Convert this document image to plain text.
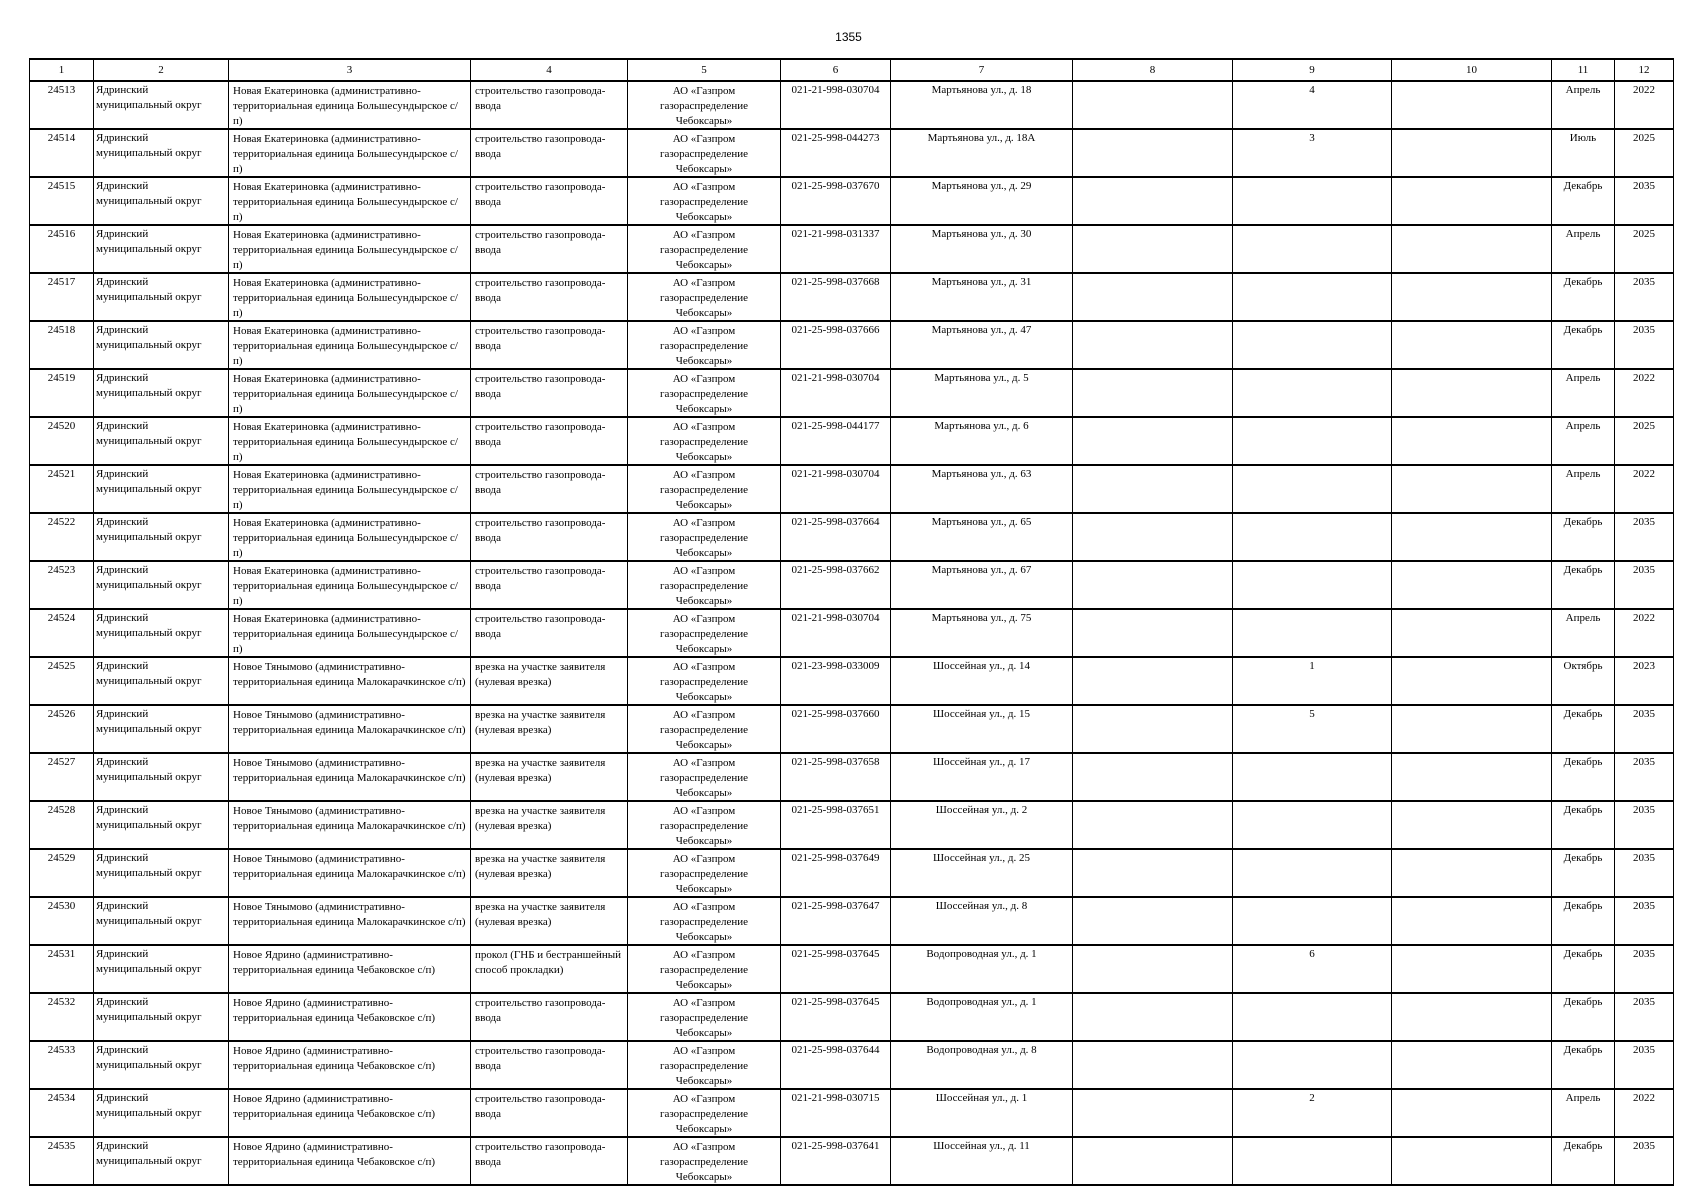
1355
1	2	3	4	5	6	7	8	9	10	11	12
24513	Ядринский муниципальный округ	Новая Екатериновка (административно-территориальная единица Большесундырское с/п)	строительство газопровода-ввода	АО «Газпром газораспределение Чебоксары»	021-21-998-030704	Мартьянова ул., д. 18		4		Апрель	2022
24514	Ядринский муниципальный округ	Новая Екатериновка (административно-территориальная единица Большесундырское с/п)	строительство газопровода-ввода	АО «Газпром газораспределение Чебоксары»	021-25-998-044273	Мартьянова ул., д. 18А		3		Июль	2025
24515	Ядринский муниципальный округ	Новая Екатериновка (административно-территориальная единица Большесундырское с/п)	строительство газопровода-ввода	АО «Газпром газораспределение Чебоксары»	021-25-998-037670	Мартьянова ул., д. 29				Декабрь	2035
24516	Ядринский муниципальный округ	Новая Екатериновка (административно-территориальная единица Большесундырское с/п)	строительство газопровода-ввода	АО «Газпром газораспределение Чебоксары»	021-21-998-031337	Мартьянова ул., д. 30				Апрель	2025
24517	Ядринский муниципальный округ	Новая Екатериновка (административно-территориальная единица Большесундырское с/п)	строительство газопровода-ввода	АО «Газпром газораспределение Чебоксары»	021-25-998-037668	Мартьянова ул., д. 31				Декабрь	2035
24518	Ядринский муниципальный округ	Новая Екатериновка (административно-территориальная единица Большесундырское с/п)	строительство газопровода-ввода	АО «Газпром газораспределение Чебоксары»	021-25-998-037666	Мартьянова ул., д. 47				Декабрь	2035
24519	Ядринский муниципальный округ	Новая Екатериновка (административно-территориальная единица Большесундырское с/п)	строительство газопровода-ввода	АО «Газпром газораспределение Чебоксары»	021-21-998-030704	Мартьянова ул., д. 5				Апрель	2022
24520	Ядринский муниципальный округ	Новая Екатериновка (административно-территориальная единица Большесундырское с/п)	строительство газопровода-ввода	АО «Газпром газораспределение Чебоксары»	021-25-998-044177	Мартьянова ул., д. 6				Апрель	2025
24521	Ядринский муниципальный округ	Новая Екатериновка (административно-территориальная единица Большесундырское с/п)	строительство газопровода-ввода	АО «Газпром газораспределение Чебоксары»	021-21-998-030704	Мартьянова ул., д. 63				Апрель	2022
24522	Ядринский муниципальный округ	Новая Екатериновка (административно-территориальная единица Большесундырское с/п)	строительство газопровода-ввода	АО «Газпром газораспределение Чебоксары»	021-25-998-037664	Мартьянова ул., д. 65				Декабрь	2035
24523	Ядринский муниципальный округ	Новая Екатериновка (административно-территориальная единица Большесундырское с/п)	строительство газопровода-ввода	АО «Газпром газораспределение Чебоксары»	021-25-998-037662	Мартьянова ул., д. 67				Декабрь	2035
24524	Ядринский муниципальный округ	Новая Екатериновка (административно-территориальная единица Большесундырское с/п)	строительство газопровода-ввода	АО «Газпром газораспределение Чебоксары»	021-21-998-030704	Мартьянова ул., д. 75				Апрель	2022
24525	Ядринский муниципальный округ	Новое Тянымово (административно-территориальная единица Малокарачкинское с/п)	врезка на участке заявителя (нулевая врезка)	АО «Газпром газораспределение Чебоксары»	021-23-998-033009	Шоссейная ул., д. 14		1		Октябрь	2023
24526	Ядринский муниципальный округ	Новое Тянымово (административно-территориальная единица Малокарачкинское с/п)	врезка на участке заявителя (нулевая врезка)	АО «Газпром газораспределение Чебоксары»	021-25-998-037660	Шоссейная ул., д. 15		5		Декабрь	2035
24527	Ядринский муниципальный округ	Новое Тянымово (административно-территориальная единица Малокарачкинское с/п)	врезка на участке заявителя (нулевая врезка)	АО «Газпром газораспределение Чебоксары»	021-25-998-037658	Шоссейная ул., д. 17				Декабрь	2035
24528	Ядринский муниципальный округ	Новое Тянымово (административно-территориальная единица Малокарачкинское с/п)	врезка на участке заявителя (нулевая врезка)	АО «Газпром газораспределение Чебоксары»	021-25-998-037651	Шоссейная ул., д. 2				Декабрь	2035
24529	Ядринский муниципальный округ	Новое Тянымово (административно-территориальная единица Малокарачкинское с/п)	врезка на участке заявителя (нулевая врезка)	АО «Газпром газораспределение Чебоксары»	021-25-998-037649	Шоссейная ул., д. 25				Декабрь	2035
24530	Ядринский муниципальный округ	Новое Тянымово (административно-территориальная единица Малокарачкинское с/п)	врезка на участке заявителя (нулевая врезка)	АО «Газпром газораспределение Чебоксары»	021-25-998-037647	Шоссейная ул., д. 8				Декабрь	2035
24531	Ядринский муниципальный округ	Новое Ядрино (административно-территориальная единица Чебаковское с/п)	прокол (ГНБ и бестраншейный способ прокладки)	АО «Газпром газораспределение Чебоксары»	021-25-998-037645	Водопроводная ул., д. 1		6		Декабрь	2035
24532	Ядринский муниципальный округ	Новое Ядрино (административно-территориальная единица Чебаковское с/п)	строительство газопровода-ввода	АО «Газпром газораспределение Чебоксары»	021-25-998-037645	Водопроводная ул., д. 1				Декабрь	2035
24533	Ядринский муниципальный округ	Новое Ядрино (административно-территориальная единица Чебаковское с/п)	строительство газопровода-ввода	АО «Газпром газораспределение Чебоксары»	021-25-998-037644	Водопроводная ул., д. 8				Декабрь	2035
24534	Ядринский муниципальный округ	Новое Ядрино (административно-территориальная единица Чебаковское с/п)	строительство газопровода-ввода	АО «Газпром газораспределение Чебоксары»	021-21-998-030715	Шоссейная ул., д. 1		2		Апрель	2022
24535	Ядринский муниципальный округ	Новое Ядрино (административно-территориальная единица Чебаковское с/п)	строительство газопровода-ввода	АО «Газпром газораспределение Чебоксары»	021-25-998-037641	Шоссейная ул., д. 11				Декабрь	2035
